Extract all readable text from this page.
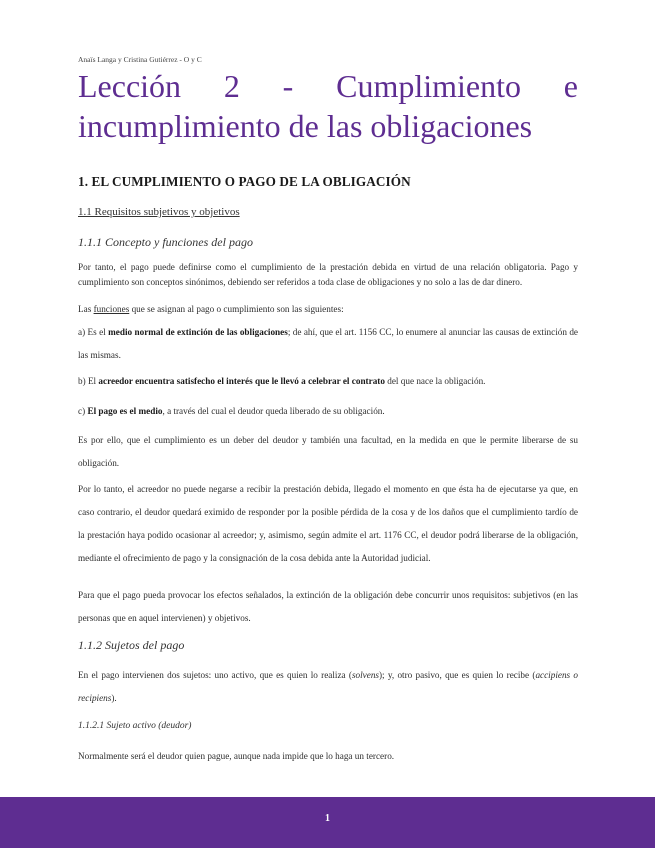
Anaïs Langa y Cristina Gutiérrez - O y C
Lección 2 - Cumplimiento e
incumplimiento de las obligaciones
1. EL CUMPLIMIENTO O PAGO DE LA OBLIGACIÓN
1.1 Requisitos subjetivos y objetivos
1.1.1 Concepto y funciones del pago

Por tanto, el pago puede definirse como el cumplimiento de la prestación debida en virtud de una relación obligatoria. Pago y cumplimiento son conceptos sinónimos, debiendo ser referidos a toda clase de obligaciones y no solo a las de dar dinero.

Las funciones que se asignan al pago o cumplimiento son las siguientes:

a) Es el medio normal de extinción de las obligaciones; de ahí, que el art. 1156 CC, lo enumere al anunciar las causas de extinción de las mismas.

b) El acreedor encuentra satisfecho el interés que le llevó a celebrar el contrato del que nace la obligación.

c) El pago es el medio, a través del cual el deudor queda liberado de su obligación.

Es por ello, que el cumplimiento es un deber del deudor y también una facultad, en la medida en que le permite liberarse de su obligación.

Por lo tanto, el acreedor no puede negarse a recibir la prestación debida, llegado el momento en que ésta ha de ejecutarse ya que, en caso contrario, el deudor quedará eximido de responder por la posible pérdida de la cosa y de los daños que el cumplimiento tardío de la prestación haya podido ocasionar al acreedor; y, asimismo, según admite el art. 1176 CC, el deudor podrá liberarse de la obligación, mediante el ofrecimiento de pago y la consignación de la cosa debida ante la Autoridad judicial.

Para que el pago pueda provocar los efectos señalados, la extinción de la obligación debe concurrir unos requisitos: subjetivos (en las personas que en aquel intervienen) y objetivos.

1.1.2 Sujetos del pago

En el pago intervienen dos sujetos: uno activo, que es quien lo realiza (solvens); y, otro pasivo, que es quien lo recibe (accipiens o recipiens).

1.1.2.1 Sujeto activo (deudor)

Normalmente será el deudor quien pague, aunque nada impide que lo haga un tercero.

1
